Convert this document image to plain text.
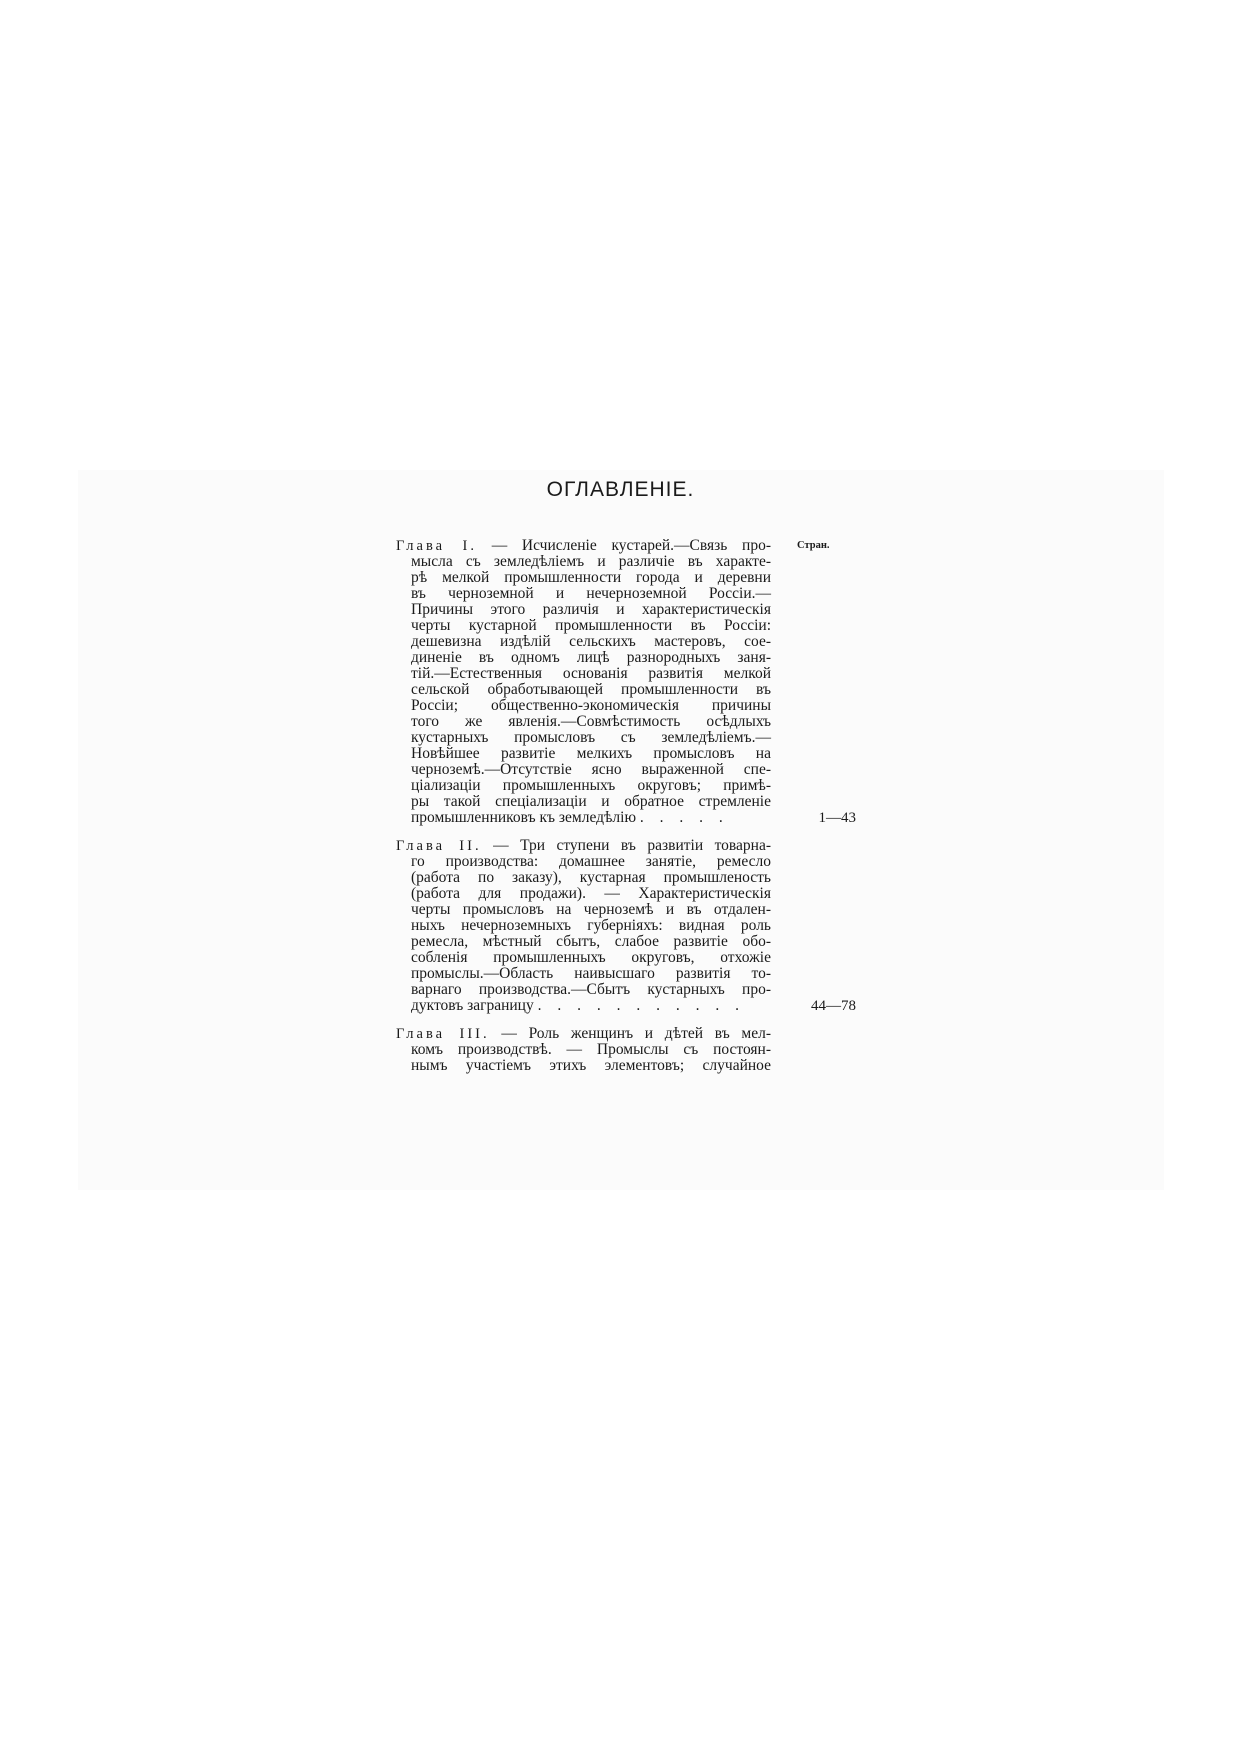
ОГЛАВЛЕНІЕ.
Стран.
Глава I. — Исчисленіе кустарей.—Связь про-
мысла съ земледѣліемъ и различіе въ характе-
рѣ мелкой промышленности города и деревни
въ черноземной и нечерноземной Россіи.—
Причины этого различія и характеристическія
черты кустарной промышленности въ Россіи:
дешевизна издѣлій сельскихъ мастеровъ, сое-
диненіе въ одномъ лицѣ разнородныхъ заня-
тій.—Естественныя основанія развитія мелкой
сельской обработывающей промышленности въ
Россіи; общественно-экономическія причины
того же явленія.—Совмѣстимость осѣдлыхъ
кустарныхъ промысловъ съ земледѣліемъ.—
Новѣйшее развитіе мелкихъ промысловъ на
черноземѣ.—Отсутствіе ясно выраженной спе-
ціализаціи промышленныхъ округовъ; примѣ-
ры такой спеціализаціи и обратное стремленіе
промышленниковъ къ земледѣлію . . . . .	1—43
Глава II. — Три ступени въ развитіи товарна-
го производства: домашнее занятіе, ремесло
(работа по заказу), кустарная промышленость
(работа для продажи). — Характеристическія
черты промысловъ на черноземѣ и въ отдален-
ныхъ нечерноземныхъ губерніяхъ: видная роль
ремесла, мѣстный сбытъ, слабое развитіе обо-
собленія промышленныхъ округовъ, отхожіе
промыслы.—Область наивысшаго развитія то-
варнаго производства.—Сбытъ кустарныхъ про-
дуктовъ заграницу . . . . . . . . . . .	44—78
Глава III. — Роль женщинъ и дѣтей въ мел-
комъ производствѣ. — Промыслы съ постоян-
нымъ участіемъ этихъ элементовъ; случайное
